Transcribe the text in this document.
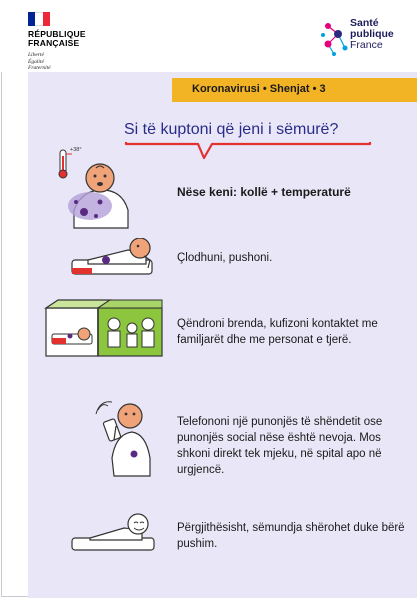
RÉPUBLIQUE
FRANÇAISE
Liberté
Égalité
Fraternité
Santé
publique
France
Koronavirusi • Shenjat • 3
Si të kuptoni që jeni i sëmurë?
Nëse keni: kollë + temperaturë
Çlodhuni, pushoni.
Qëndroni brenda, kufizoni kontaktet me familjarët dhe me personat e tjerë.
Telefononi një punonjës të shëndetit ose punonjës social nëse është nevoja. Mos shkoni direkt tek mjeku, në spital apo në urgjencë.
Përgjithësisht, sëmundja shërohet duke bërë pushim.
+38°
